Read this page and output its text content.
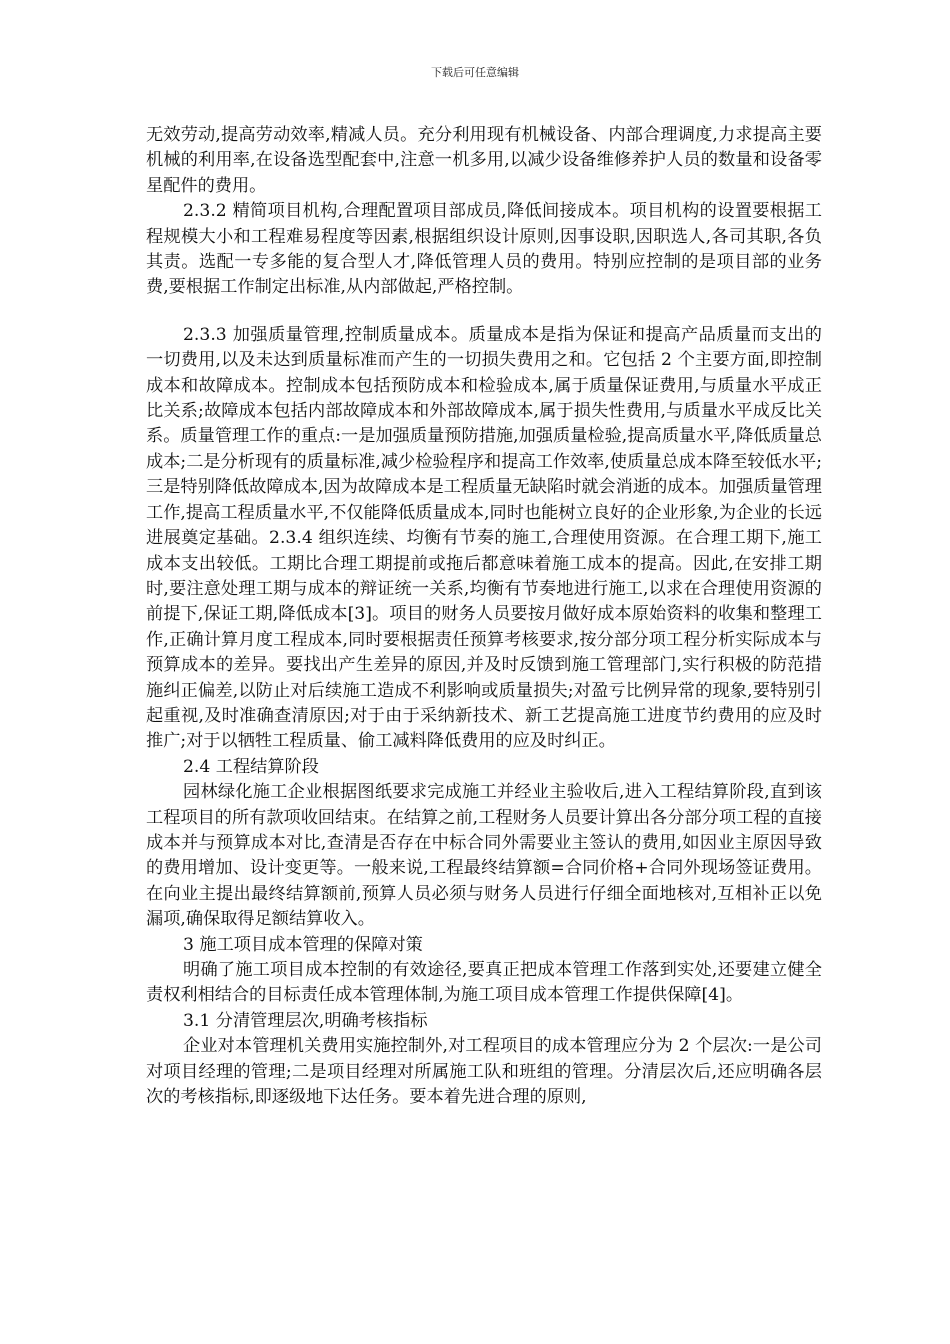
下载后可任意编辑

无效劳动,提高劳动效率,精减人员。充分利用现有机械设备、内部合理调度,力求提高主要机械的利用率,在设备选型配套中,注意一机多用,以减少设备维修养护人员的数量和设备零星配件的费用。

2.3.2 精简项目机构,合理配置项目部成员,降低间接成本。项目机构的设置要根据工程规模大小和工程难易程度等因素,根据组织设计原则,因事设职,因职选人,各司其职,各负其责。选配一专多能的复合型人才,降低管理人员的费用。特别应控制的是项目部的业务费,要根据工作制定出标准,从内部做起,严格控制。

2.3.3 加强质量管理,控制质量成本。质量成本是指为保证和提高产品质量而支出的一切费用,以及未达到质量标准而产生的一切损失费用之和。它包括 2 个主要方面,即控制成本和故障成本。控制成本包括预防成本和检验成本,属于质量保证费用,与质量水平成正比关系;故障成本包括内部故障成本和外部故障成本,属于损失性费用,与质量水平成反比关系。质量管理工作的重点:一是加强质量预防措施,加强质量检验,提高质量水平,降低质量总成本;二是分析现有的质量标准,减少检验程序和提高工作效率,使质量总成本降至较低水平;三是特别降低故障成本,因为故障成本是工程质量无缺陷时就会消逝的成本。加强质量管理工作,提高工程质量水平,不仅能降低质量成本,同时也能树立良好的企业形象,为企业的长远进展奠定基础。2.3.4 组织连续、均衡有节奏的施工,合理使用资源。在合理工期下,施工成本支出较低。工期比合理工期提前或拖后都意味着施工成本的提高。因此,在安排工期时,要注意处理工期与成本的辩证统一关系,均衡有节奏地进行施工,以求在合理使用资源的前提下,保证工期,降低成本[3]。项目的财务人员要按月做好成本原始资料的收集和整理工作,正确计算月度工程成本,同时要根据责任预算考核要求,按分部分项工程分析实际成本与预算成本的差异。要找出产生差异的原因,并及时反馈到施工管理部门,实行积极的防范措施纠正偏差,以防止对后续施工造成不利影响或质量损失;对盈亏比例异常的现象,要特别引起重视,及时准确查清原因;对于由于采纳新技术、新工艺提高施工进度节约费用的应及时推广;对于以牺牲工程质量、偷工减料降低费用的应及时纠正。

2.4 工程结算阶段

园林绿化施工企业根据图纸要求完成施工并经业主验收后,进入工程结算阶段,直到该工程项目的所有款项收回结束。在结算之前,工程财务人员要计算出各分部分项工程的直接成本并与预算成本对比,查清是否存在中标合同外需要业主签认的费用,如因业主原因导致的费用增加、设计变更等。一般来说,工程最终结算额=合同价格+合同外现场签证费用。在向业主提出最终结算额前,预算人员必须与财务人员进行仔细全面地核对,互相补正以免漏项,确保取得足额结算收入。

3 施工项目成本管理的保障对策

明确了施工项目成本控制的有效途径,要真正把成本管理工作落到实处,还要建立健全责权利相结合的目标责任成本管理体制,为施工项目成本管理工作提供保障[4]。

3.1 分清管理层次,明确考核指标

企业对本管理机关费用实施控制外,对工程项目的成本管理应分为 2 个层次:一是公司对项目经理的管理;二是项目经理对所属施工队和班组的管理。分清层次后,还应明确各层次的考核指标,即逐级地下达任务。要本着先进合理的原则,
